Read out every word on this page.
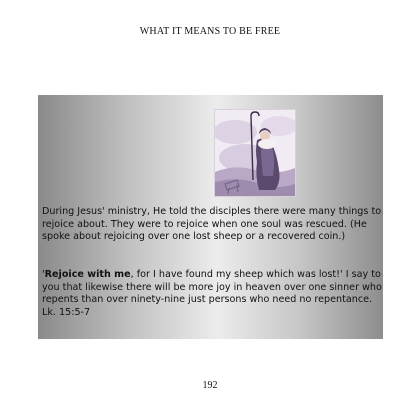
WHAT IT MEANS TO BE FREE

During Jesus' ministry, He told the disciples there were many things to rejoice about. They were to rejoice when one soul was rescued. (He spoke about rejoicing over one lost sheep or a recovered coin.)

'Rejoice with me, for I have found my sheep which was lost!' I say to you that likewise there will be more joy in heaven over one sinner who repents than over ninety-nine just persons who need no repentance. Lk. 15:5-7

192
